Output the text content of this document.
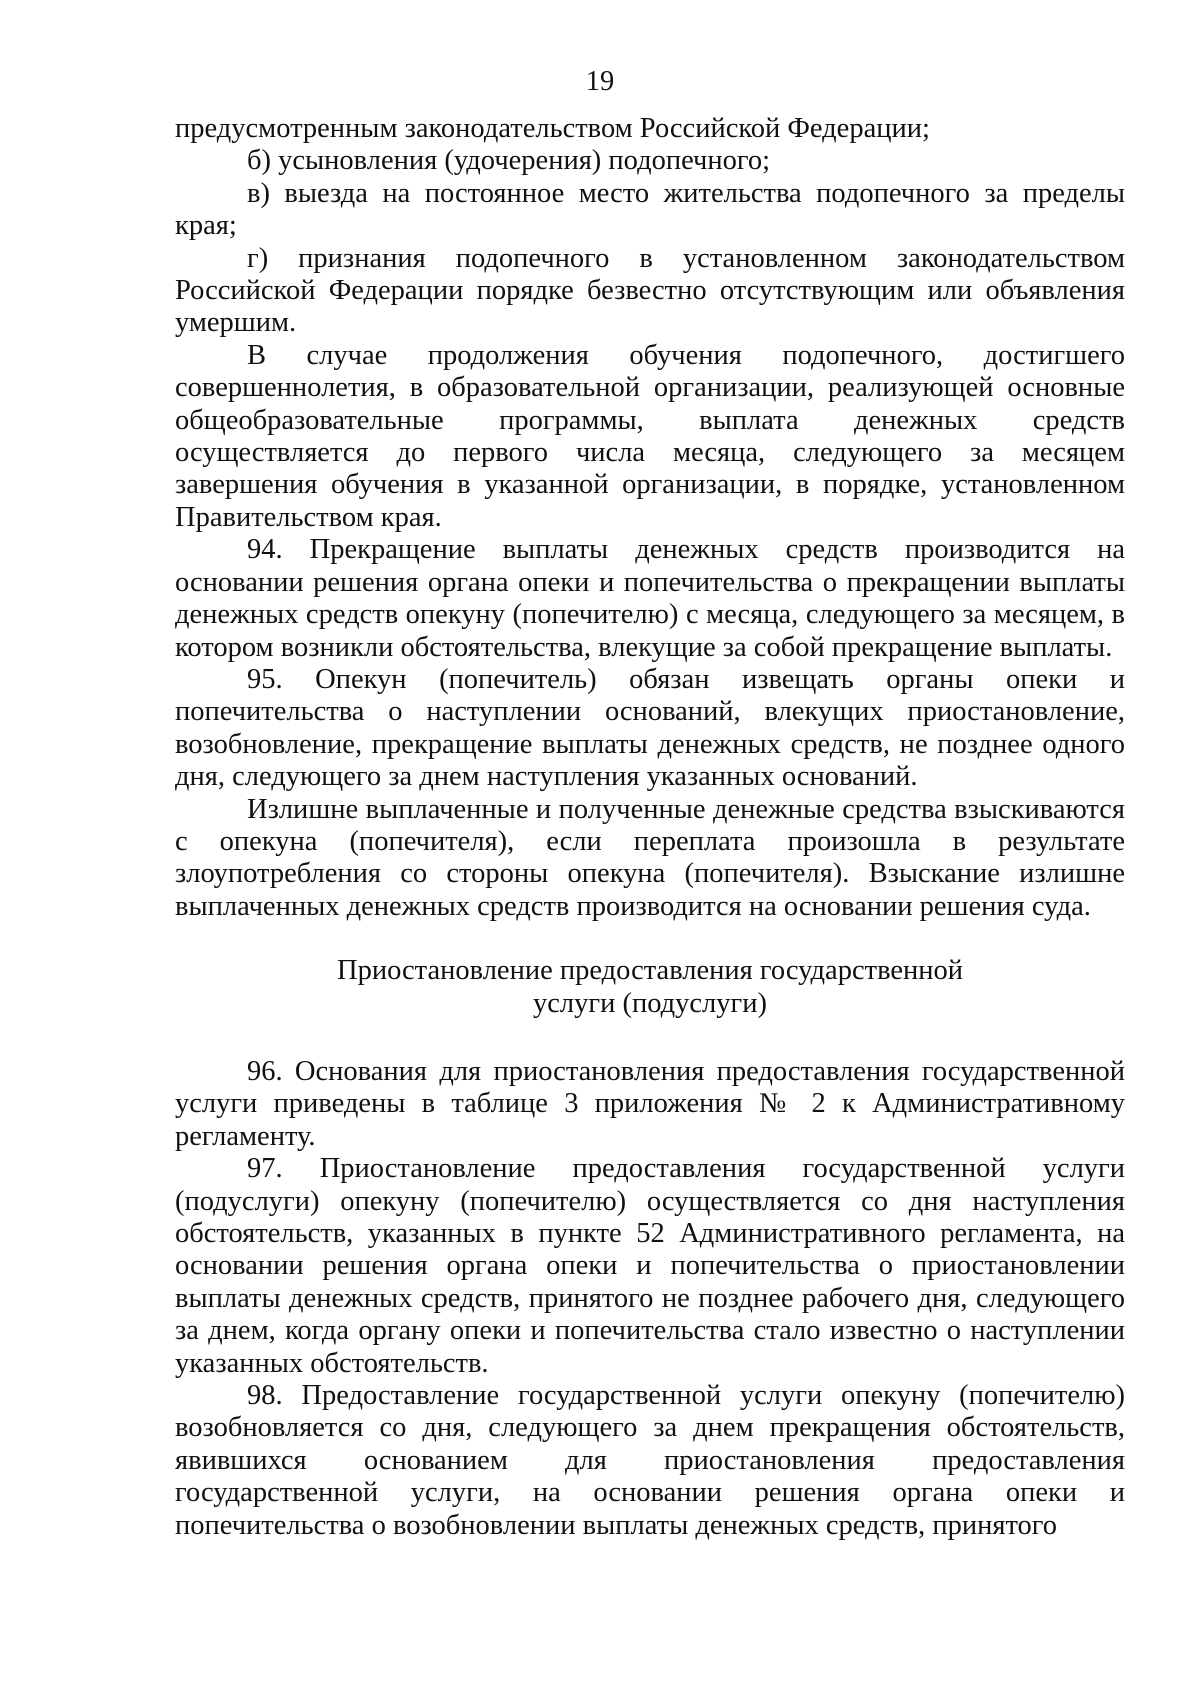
19

предусмотренным законодательством Российской Федерации;

б) усыновления (удочерения) подопечного;

в) выезда на постоянное место жительства подопечного за пределы края;

г) признания подопечного в установленном законодательством Российской Федерации порядке безвестно отсутствующим или объявления умершим.

В случае продолжения обучения подопечного, достигшего совершеннолетия, в образовательной организации, реализующей основные общеобразовательные программы, выплата денежных средств осуществляется до первого числа месяца, следующего за месяцем завершения обучения в указанной организации, в порядке, установленном Правительством края.

94. Прекращение выплаты денежных средств производится на основании решения органа опеки и попечительства о прекращении выплаты денежных средств опекуну (попечителю) с месяца, следующего за месяцем, в котором возникли обстоятельства, влекущие за собой прекращение выплаты.

95. Опекун (попечитель) обязан извещать органы опеки и попечительства о наступлении оснований, влекущих приостановление, возобновление, прекращение выплаты денежных средств, не позднее одного дня, следующего за днем наступления указанных оснований.

Излишне выплаченные и полученные денежные средства взыскиваются с опекуна (попечителя), если переплата произошла в результате злоупотребления со стороны опекуна (попечителя). Взыскание излишне выплаченных денежных средств производится на основании решения суда.

Приостановление предоставления государственной

услуги (подуслуги)

96. Основания для приостановления предоставления государственной услуги приведены в таблице 3 приложения № 2 к Административному регламенту.

97. Приостановление предоставления государственной услуги (подуслуги) опекуну (попечителю) осуществляется со дня наступления обстоятельств, указанных в пункте 52 Административного регламента, на основании решения органа опеки и попечительства о приостановлении выплаты денежных средств, принятого не позднее рабочего дня, следующего за днем, когда органу опеки и попечительства стало известно о наступлении указанных обстоятельств.

98. Предоставление государственной услуги опекуну (попечителю) возобновляется со дня, следующего за днем прекращения обстоятельств, явившихся основанием для приостановления предоставления государственной услуги, на основании решения органа опеки и попечительства о возобновлении выплаты денежных средств, принятого
